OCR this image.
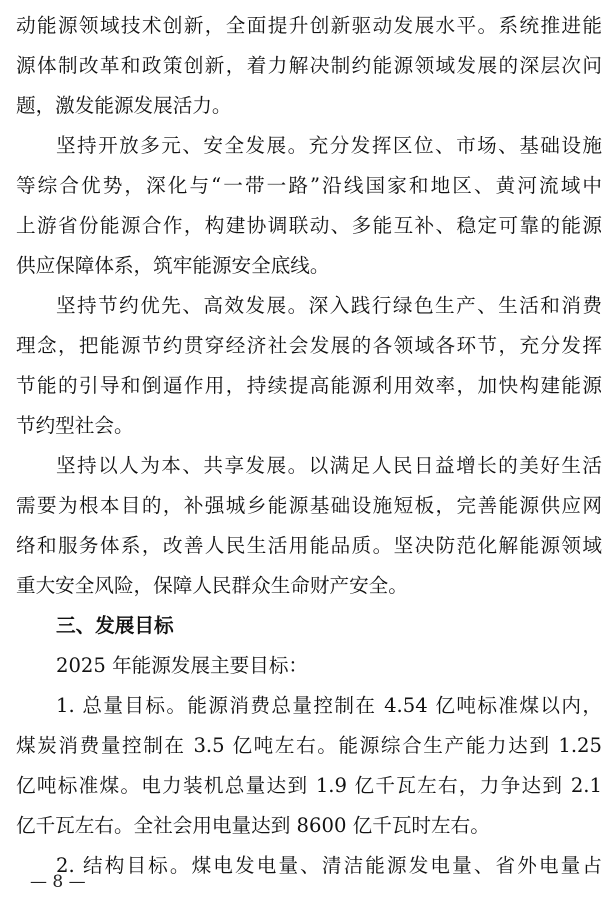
动能源领域技术创新，全面提升创新驱动发展水平。系统推进能
源体制改革和政策创新，着力解决制约能源领域发展的深层次问
题，激发能源发展活力。
坚持开放多元、安全发展。充分发挥区位、市场、基础设施
等综合优势，深化与“一带一路”沿线国家和地区、黄河流域中
上游省份能源合作，构建协调联动、多能互补、稳定可靠的能源
供应保障体系，筑牢能源安全底线。
坚持节约优先、高效发展。深入践行绿色生产、生活和消费
理念，把能源节约贯穿经济社会发展的各领域各环节，充分发挥
节能的引导和倒逼作用，持续提高能源利用效率，加快构建能源
节约型社会。
坚持以人为本、共享发展。以满足人民日益增长的美好生活
需要为根本目的，补强城乡能源基础设施短板，完善能源供应网
络和服务体系，改善人民生活用能品质。坚决防范化解能源领域
重大安全风险，保障人民群众生命财产安全。
三、发展目标
2025 年能源发展主要目标：
1. 总量目标。能源消费总量控制在 4.54 亿吨标准煤以内，
煤炭消费量控制在 3.5 亿吨左右。能源综合生产能力达到 1.25
亿吨标准煤。电力装机总量达到 1.9 亿千瓦左右，力争达到 2.1
亿千瓦左右。全社会用电量达到 8600 亿千瓦时左右。
2. 结构目标。煤电发电量、清洁能源发电量、省外电量占
— 8 —
